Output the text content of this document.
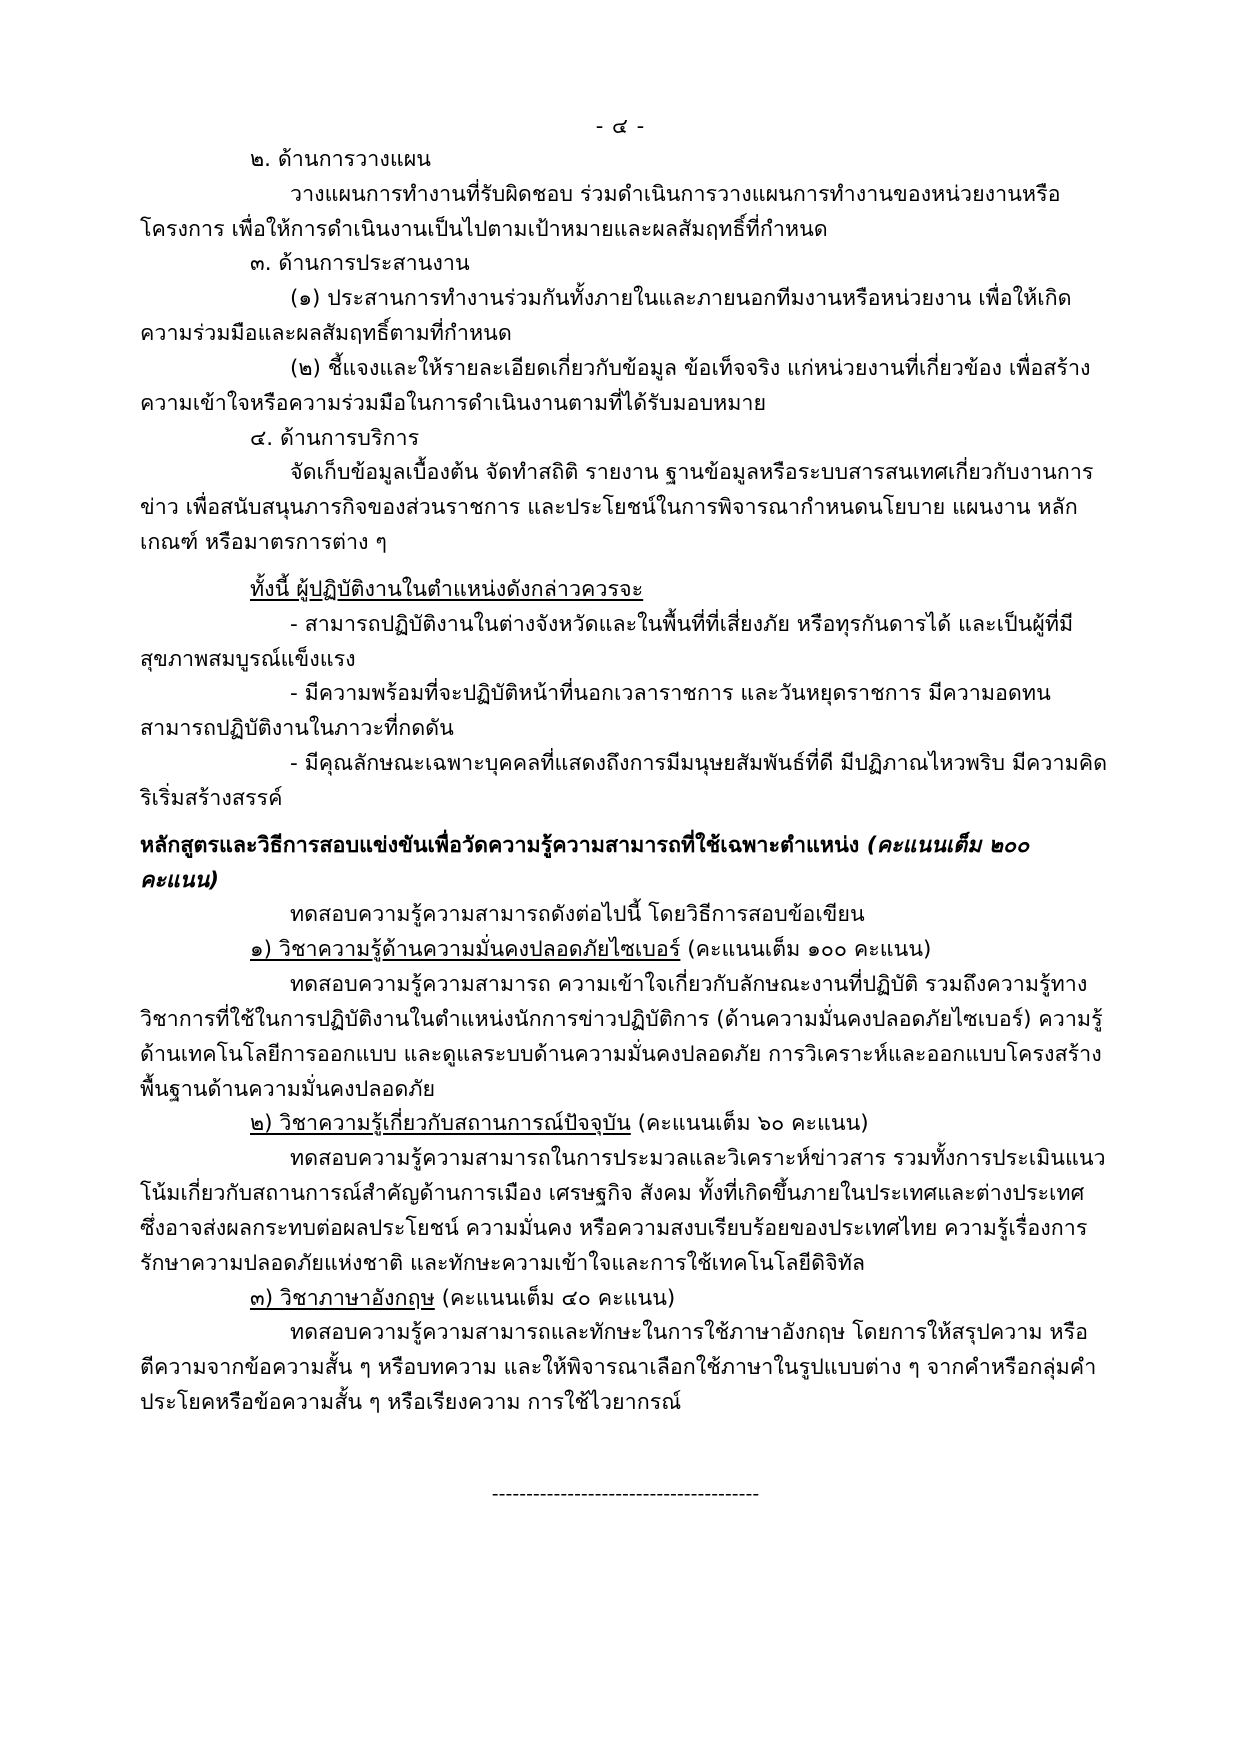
- ๔ -

๒. ด้านการวางแผน

วางแผนการทำงานที่รับผิดชอบ ร่วมดำเนินการวางแผนการทำงานของหน่วยงานหรือโครงการ เพื่อให้การดำเนินงานเป็นไปตามเป้าหมายและผลสัมฤทธิ์ที่กำหนด

๓. ด้านการประสานงาน

(๑) ประสานการทำงานร่วมกันทั้งภายในและภายนอกทีมงานหรือหน่วยงาน เพื่อให้เกิดความร่วมมือและผลสัมฤทธิ์ตามที่กำหนด

(๒) ชี้แจงและให้รายละเอียดเกี่ยวกับข้อมูล ข้อเท็จจริง แก่หน่วยงานที่เกี่ยวข้อง เพื่อสร้างความเข้าใจหรือความร่วมมือในการดำเนินงานตามที่ได้รับมอบหมาย

๔. ด้านการบริการ

จัดเก็บข้อมูลเบื้องต้น จัดทำสถิติ รายงาน ฐานข้อมูลหรือระบบสารสนเทศเกี่ยวกับงานการข่าว เพื่อสนับสนุนภารกิจของส่วนราชการ และประโยชน์ในการพิจารณากำหนดนโยบาย แผนงาน หลักเกณฑ์ หรือมาตรการต่าง ๆ

ทั้งนี้ ผู้ปฏิบัติงานในตำแหน่งดังกล่าวควรจะ

- สามารถปฏิบัติงานในต่างจังหวัดและในพื้นที่ที่เสี่ยงภัย หรือทุรกันดารได้ และเป็นผู้ที่มีสุขภาพสมบูรณ์แข็งแรง

- มีความพร้อมที่จะปฏิบัติหน้าที่นอกเวลาราชการ และวันหยุดราชการ มีความอดทน สามารถปฏิบัติงานในภาวะที่กดดัน

- มีคุณลักษณะเฉพาะบุคคลที่แสดงถึงการมีมนุษยสัมพันธ์ที่ดี มีปฏิภาณไหวพริบ มีความคิดริเริ่มสร้างสรรค์

หลักสูตรและวิธีการสอบแข่งขันเพื่อวัดความรู้ความสามารถที่ใช้เฉพาะตำแหน่ง (คะแนนเต็ม ๒๐๐ คะแนน)

ทดสอบความรู้ความสามารถดังต่อไปนี้ โดยวิธีการสอบข้อเขียน

๑) วิชาความรู้ด้านความมั่นคงปลอดภัยไซเบอร์ (คะแนนเต็ม ๑๐๐ คะแนน)

ทดสอบความรู้ความสามารถ ความเข้าใจเกี่ยวกับลักษณะงานที่ปฏิบัติ รวมถึงความรู้ทางวิชาการที่ใช้ในการปฏิบัติงานในตำแหน่งนักการข่าวปฏิบัติการ (ด้านความมั่นคงปลอดภัยไซเบอร์) ความรู้ด้านเทคโนโลยีการออกแบบ และดูแลระบบด้านความมั่นคงปลอดภัย การวิเคราะห์และออกแบบโครงสร้างพื้นฐานด้านความมั่นคงปลอดภัย

๒) วิชาความรู้เกี่ยวกับสถานการณ์ปัจจุบัน (คะแนนเต็ม ๖๐ คะแนน)

ทดสอบความรู้ความสามารถในการประมวลและวิเคราะห์ข่าวสาร รวมทั้งการประเมินแนวโน้มเกี่ยวกับสถานการณ์สำคัญด้านการเมือง เศรษฐกิจ สังคม ทั้งที่เกิดขึ้นภายในประเทศและต่างประเทศ ซึ่งอาจส่งผลกระทบต่อผลประโยชน์ ความมั่นคง หรือความสงบเรียบร้อยของประเทศไทย ความรู้เรื่องการรักษาความปลอดภัยแห่งชาติ และทักษะความเข้าใจและการใช้เทคโนโลยีดิจิทัล

๓) วิชาภาษาอังกฤษ (คะแนนเต็ม ๔๐ คะแนน)

ทดสอบความรู้ความสามารถและทักษะในการใช้ภาษาอังกฤษ โดยการให้สรุปความ หรือตีความจากข้อความสั้น ๆ หรือบทความ และให้พิจารณาเลือกใช้ภาษาในรูปแบบต่าง ๆ จากคำหรือกลุ่มคำ ประโยคหรือข้อความสั้น ๆ หรือเรียงความ การใช้ไวยากรณ์

---------------------------------------
